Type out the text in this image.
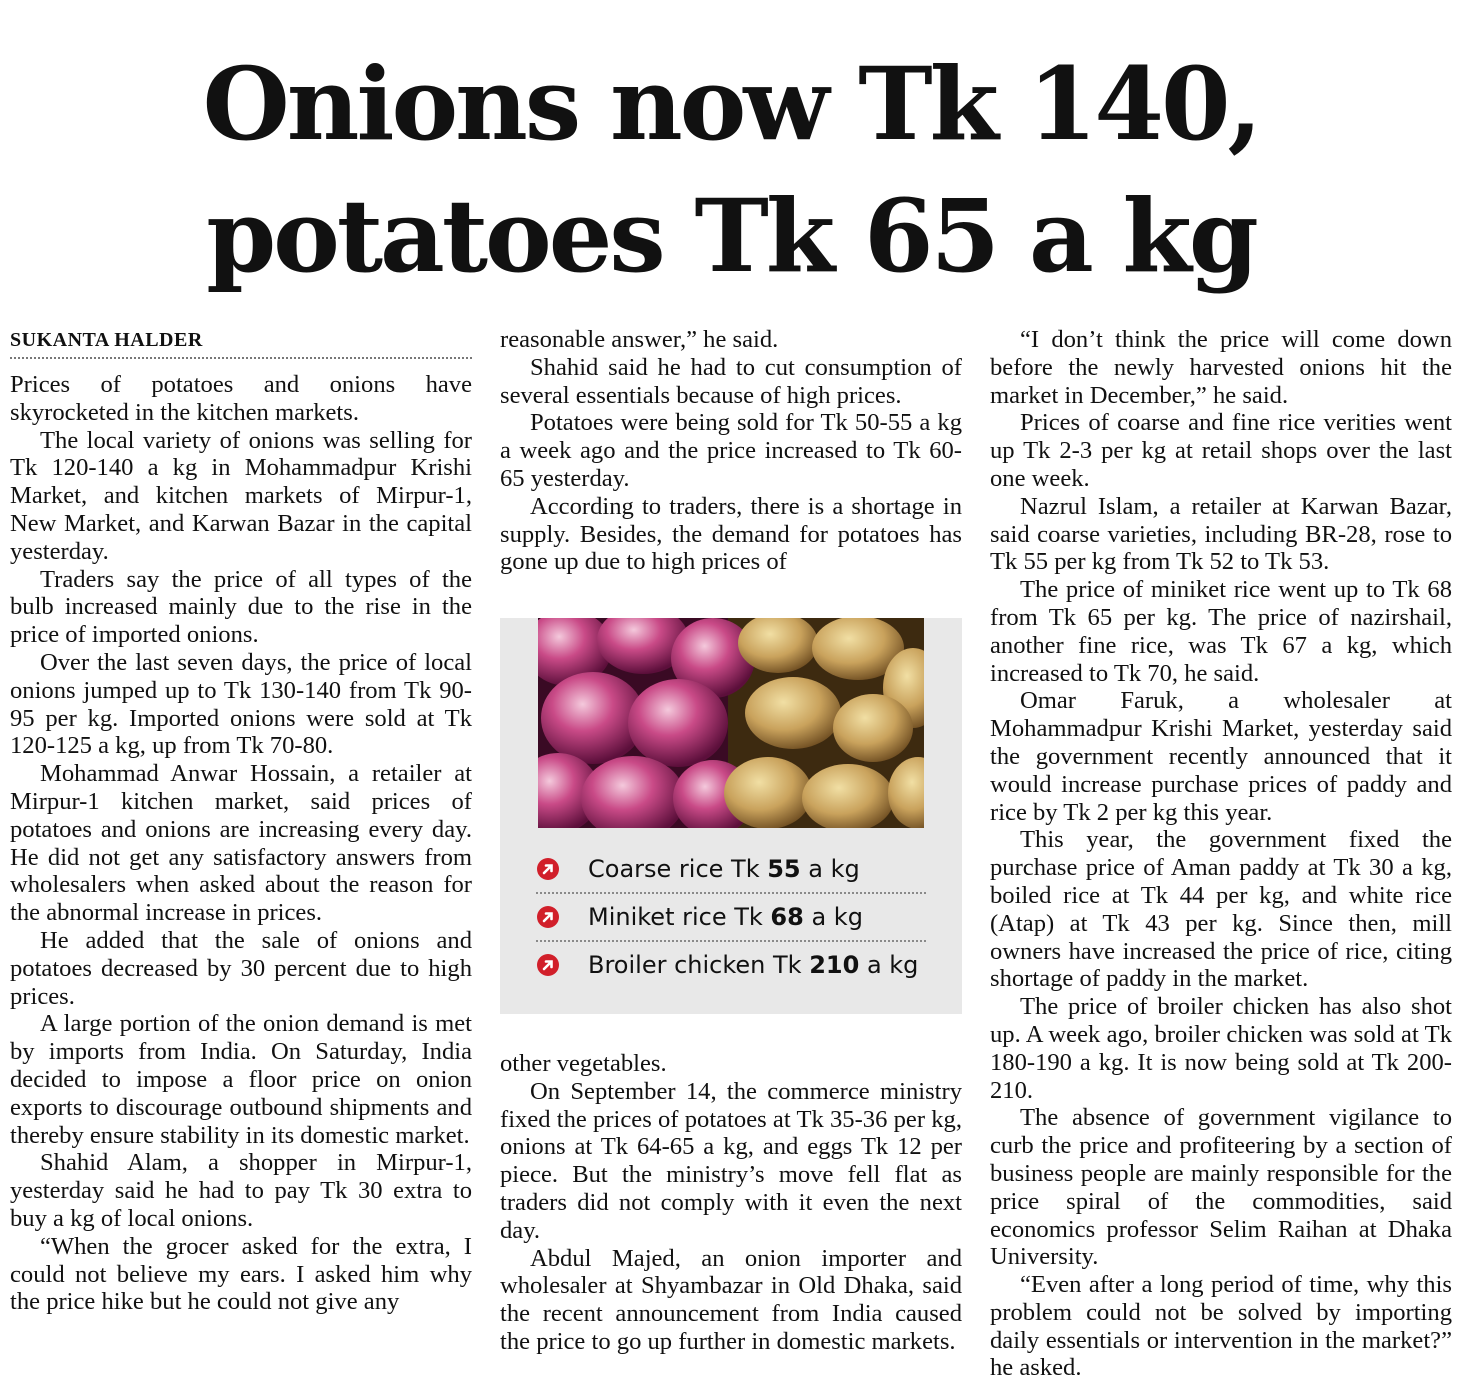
Onions now Tk 140,
potatoes Tk 65 a kg
SUKANTA HALDER

Prices of potatoes and onions have skyrocketed in the kitchen markets.

The local variety of onions was selling for Tk 120-140 a kg in Mohammadpur Krishi Market, and kitchen markets of Mirpur-1, New Market, and Karwan Bazar in the capital yesterday.

Traders say the price of all types of the bulb increased mainly due to the rise in the price of imported onions.

Over the last seven days, the price of local onions jumped up to Tk 130-140 from Tk 90-95 per kg. Imported onions were sold at Tk 120-125 a kg, up from Tk 70-80.

Mohammad Anwar Hossain, a retailer at Mirpur-1 kitchen market, said prices of potatoes and onions are increasing every day. He did not get any satisfactory answers from wholesalers when asked about the reason for the abnormal increase in prices.

He added that the sale of onions and potatoes decreased by 30 percent due to high prices.

A large portion of the onion demand is met by imports from India. On Saturday, India decided to impose a floor price on onion exports to discourage outbound shipments and thereby ensure stability in its domestic market.

Shahid Alam, a shopper in Mirpur-1, yesterday said he had to pay Tk 30 extra to buy a kg of local onions.

“When the grocer asked for the extra, I could not believe my ears. I asked him why the price hike but he could not give any

reasonable answer,” he said.

Shahid said he had to cut consumption of several essentials because of high prices.

Potatoes were being sold for Tk 50-55 a kg a week ago and the price increased to Tk 60-65 yesterday.

According to traders, there is a shortage in supply. Besides, the demand for potatoes has gone up due to high prices of

Coarse rice Tk 55 a kg
Miniket rice Tk 68 a kg
Broiler chicken Tk 210 a kg

other vegetables.

On September 14, the commerce ministry fixed the prices of potatoes at Tk 35-36 per kg, onions at Tk 64-65 a kg, and eggs Tk 12 per piece. But the ministry’s move fell flat as traders did not comply with it even the next day.

Abdul Majed, an onion importer and wholesaler at Shyambazar in Old Dhaka, said the recent announcement from India caused the price to go up further in domestic markets.

“I don’t think the price will come down before the newly harvested onions hit the market in December,” he said.

Prices of coarse and fine rice verities went up Tk 2-3 per kg at retail shops over the last one week.

Nazrul Islam, a retailer at Karwan Bazar, said coarse varieties, including BR-28, rose to Tk 55 per kg from Tk 52 to Tk 53.

The price of miniket rice went up to Tk 68 from Tk 65 per kg. The price of nazirshail, another fine rice, was Tk 67 a kg, which increased to Tk 70, he said.

Omar Faruk, a wholesaler at Mohammadpur Krishi Market, yesterday said the government recently announced that it would increase purchase prices of paddy and rice by Tk 2 per kg this year.

This year, the government fixed the purchase price of Aman paddy at Tk 30 a kg, boiled rice at Tk 44 per kg, and white rice (Atap) at Tk 43 per kg. Since then, mill owners have increased the price of rice, citing shortage of paddy in the market.

The price of broiler chicken has also shot up. A week ago, broiler chicken was sold at Tk 180-190 a kg. It is now being sold at Tk 200-210.

The absence of government vigilance to curb the price and profiteering by a section of business people are mainly responsible for the price spiral of the commodities, said economics professor Selim Raihan at Dhaka University.

“Even after a long period of time, why this problem could not be solved by importing daily essentials or intervention in the market?” he asked.
